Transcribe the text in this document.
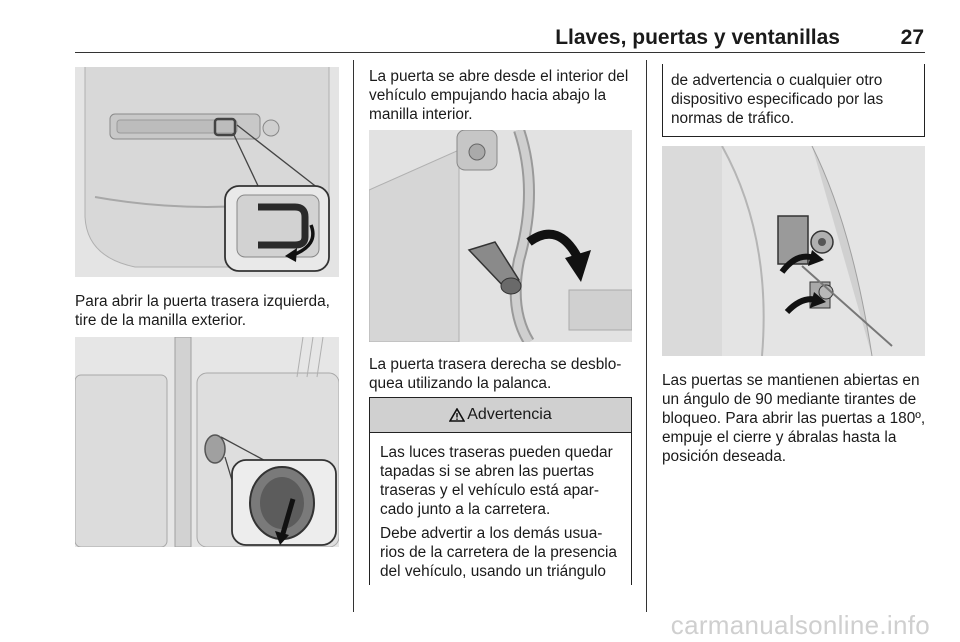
Llaves, puertas y ventanillas	27
Para abrir la puerta trasera izquierda, tire de la manilla exterior.
La puerta se abre desde el interior del vehículo empujando hacia abajo la manilla interior.
La puerta trasera derecha se desblo‐quea utilizando la palanca.
Advertencia

Las luces traseras pueden quedar tapadas si se abren las puertas traseras y el vehículo está apar‐cado junto a la carretera.

Debe advertir a los demás usua‐rios de la carretera de la presencia del vehículo, usando un triángulo

de advertencia o cualquier otro dispositivo especificado por las normas de tráfico.
Las puertas se mantienen abiertas en un ángulo de 90 mediante tirantes de bloqueo. Para abrir las puertas a 180º, empuje el cierre y ábralas hasta la posición deseada.
carmanualsonline.info
